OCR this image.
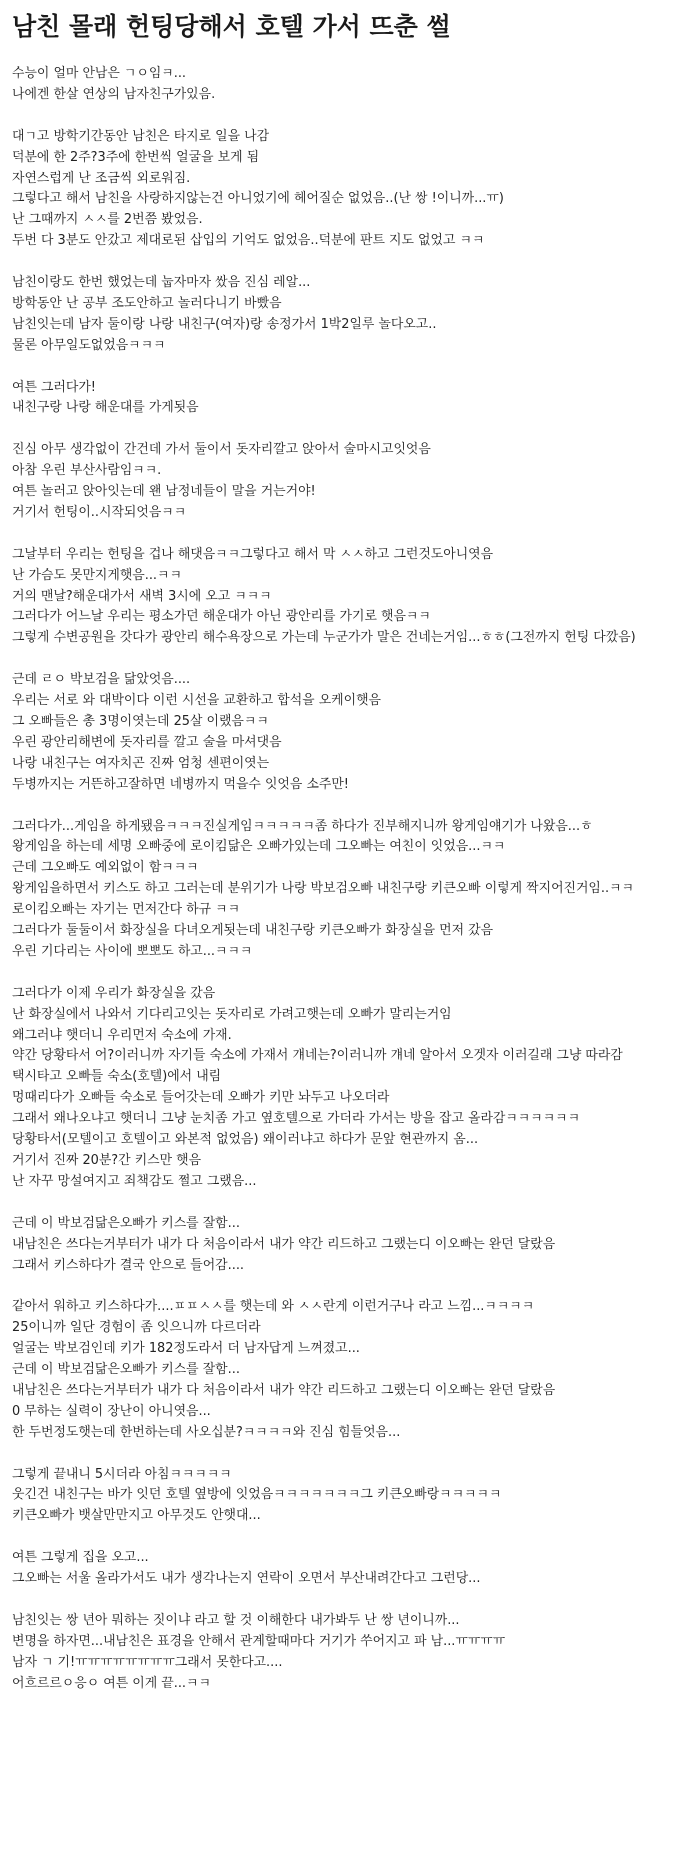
남친 몰래 헌팅당해서 호텔 가서 뜨춘 썰
수능이 얼마 안남은 ㄱㅇ임ㅋ...
나에겐 한살 연상의 남자친구가있음.
대ㄱ고 방학기간동안 남친은 타지로 일을 나감
덕분에 한 2주?3주에 한번씩 얼굴을 보게 됨
자연스럽게 난 조금씩 외로워짐.
그렇다고 해서 남친을 사랑하지않는건 아니었기에 헤어질순 없었음..(난 쌍 !이니까...ㅠ)
난 그때까지 ㅅㅅ를 2번쯤 봤었음.
두번 다 3분도 안갔고 제대로된 삽입의 기억도 없었음..덕분에 판트 지도 없었고 ㅋㅋ
남친이랑도 한번 했었는데 눕자마자 쌌음 진심 레알...
방학동안 난 공부 조도안하고 놀러다니기 바빴음
남친잇는데 남자 둘이랑 나랑 내친구(여자)랑 송정가서 1박2일루 놀다오고..
물론 아무일도없었음ㅋㅋㅋ
여튼 그러다가!
내친구랑 나랑 해운대를 가게됫음
진심 아무 생각없이 간건데 가서 둘이서 돗자리깔고 앉아서 술마시고잇엇음
아참 우린 부산사람임ㅋㅋ.
여튼 놀러고 앉아잇는데 왠 남정네들이 말을 거는거야!
거기서 헌팅이..시작되엇음ㅋㅋ
그날부터 우리는 헌팅을 겁나 해댓음ㅋㅋ그렇다고 해서 막 ㅅㅅ하고 그런것도아니엿음
난 가슴도 못만지게햇음...ㅋㅋ
거의 맨날?해운대가서 새벽 3시에 오고 ㅋㅋㅋ
그러다가 어느날 우리는 평소가던 해운대가 아닌 광안리를 가기로 햇음ㅋㅋ
그렇게 수변공원을 갓다가 광안리 해수욕장으로 가는데 누군가가 말은 건네는거임...ㅎㅎ(그전까지 헌팅 다깠음)
근데 ㄹㅇ 박보검을 닮았엇음....
우리는 서로 와 대박이다 이런 시선을 교환하고 합석을 오케이햇음
그 오빠들은 총 3명이엿는데 25살 이랬음ㅋㅋ
우린 광안리해변에 돗자리를 깔고 술을 마셔댓음
나랑 내친구는 여자치곤 진짜 엄청 센편이엿는
두병까지는 거뜬하고잘하면 네병까지 먹을수 잇엇음 소주만!
그러다가...게임을 하게됐음ㅋㅋㅋ진실게임ㅋㅋㅋㅋㅋ좀 하다가 진부해지니까 왕게임얘기가 나왔음...ㅎ
왕게임을 하는데 세명 오빠중에 로이킴닮은 오빠가있는데 그오빠는 여친이 잇었음...ㅋㅋ
근데 그오빠도 예외없이 함ㅋㅋㅋ
왕게임을하면서 키스도 하고 그러는데 분위기가 나랑 박보검오빠 내친구랑 키큰오빠 이렇게 짝지어진거임..ㅋㅋ
로이킴오빠는 자기는 먼저간다 하규 ㅋㅋ
그러다가 둘둘이서 화장실을 다녀오게됫는데 내친구랑 키큰오빠가 화장실을 먼저 갔음
우린 기다리는 사이에 뽀뽀도 하고...ㅋㅋㅋ
그러다가 이제 우리가 화장실을 갔음
난 화장실에서 나와서 기다리고잇는 돗자리로 가려고햇는데 오빠가 말리는거임
왜그러냐 햇더니 우리먼저 숙소에 가재.
약간 당황타서 어?이러니까 자기들 숙소에 가재서 걔네는?이러니까 걔네 알아서 오겟자 이러길래 그냥 따라감
택시타고 오빠들 숙소(호텔)에서 내림
멍때리다가 오빠들 숙소로 들어갓는데 오빠가 키만 놔두고 나오더라
그래서 왜나오냐고 햇더니 그냥 눈치좀 가고 옆호텔으로 가더라 가서는 방을 잡고 올라감ㅋㅋㅋㅋㅋㅋ
당황타서(모텔이고 호텔이고 와본적 없었음) 왜이러냐고 하다가 문앞 현관까지 옴...
거기서 진짜 20분?간 키스만 햇음
난 자꾸 망설여지고 죄책감도 쩔고 그랬음...
근데 이 박보검닮은오빠가 키스를 잘함...
내남친은 쓰다는거부터가 내가 다 처음이라서 내가 약간 리드하고 그랬는디 이오빠는 완던 달랐음
그래서 키스하다가 결국 안으로 들어감....
같아서 워하고 키스하다가....ㅍㅍㅅㅅ를 햇는데 와 ㅅㅅ란게 이런거구나 라고 느낌...ㅋㅋㅋㅋ
25이니까 일단 경험이 좀 잇으니까 다르더라
얼굴는 박보검인데 키가 182정도라서 더 남자답게 느껴졌고...
근데 이 박보검닮은오빠가 키스를 잘함...
내남친은 쓰다는거부터가 내가 다 처음이라서 내가 약간 리드하고 그랬는디 이오빠는 완던 달랐음
0 무하는 실력이 장난이 아니엿음...
한 두번정도햇는데 한번하는데 사오십분?ㅋㅋㅋㅋ와 진심 힘들엇음...
그렇게 끝내니 5시더라 아침ㅋㅋㅋㅋㅋ
웃긴건 내친구는 바가 잇던 호텔 옆방에 잇었음ㅋㅋㅋㅋㅋㅋㅋ그 키큰오빠랑ㅋㅋㅋㅋㅋ
키큰오빠가 뱃살만만지고 아무것도 안햇대...
여튼 그렇게 집을 오고...
그오빠는 서울 올라가서도 내가 생각나는지 연락이 오면서 부산내려간다고 그런당...
남친잇는 쌍 년아 뭐하는 짓이냐 라고 할 것 이해한다 내가봐두 난 쌍 년이니까...
변명을 하자면...내남친은 표경을 안해서 관계할때마다 거기가 쑤어지고 파 남...ㅠㅠㅠㅠ
남자 ㄱ 기!ㅠㅠㅠㅠㅠㅠㅠㅠ그래서 못한다고....
어흐르르ㅇ응ㅇ 여튼 이게 끝...ㅋㅋ
